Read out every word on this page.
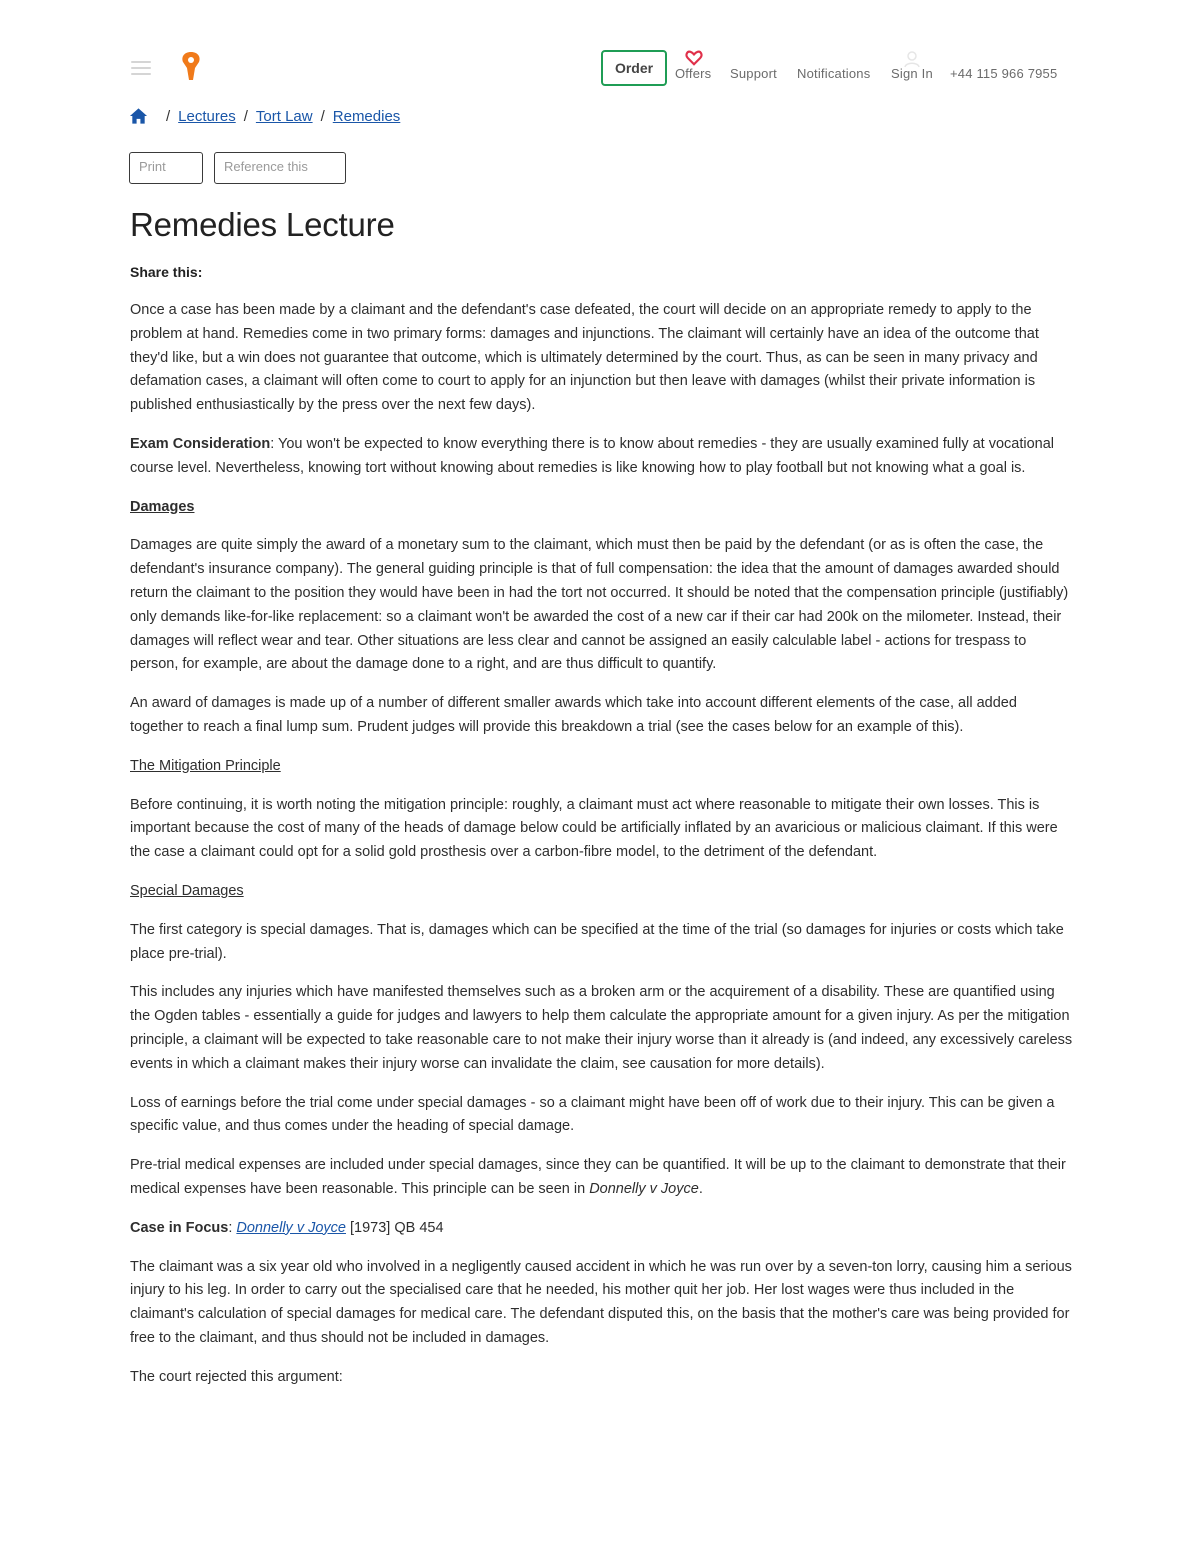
Order	Offers Support Notifications Sign In +44 115 966 7955
/ Lectures / Tort Law / Remedies
Print	Reference this
Remedies Lecture
Share this:

Once a case has been made by a claimant and the defendant's case defeated, the court will decide on an appropriate remedy to apply to the problem at hand. Remedies come in two primary forms: damages and injunctions. The claimant will certainly have an idea of the outcome that they'd like, but a win does not guarantee that outcome, which is ultimately determined by the court. Thus, as can be seen in many privacy and defamation cases, a claimant will often come to court to apply for an injunction but then leave with damages (whilst their private information is published enthusiastically by the press over the next few days).

Exam Consideration: You won't be expected to know everything there is to know about remedies - they are usually examined fully at vocational course level. Nevertheless, knowing tort without knowing about remedies is like knowing how to play football but not knowing what a goal is.

Damages

Damages are quite simply the award of a monetary sum to the claimant, which must then be paid by the defendant (or as is often the case, the defendant's insurance company). The general guiding principle is that of full compensation: the idea that the amount of damages awarded should return the claimant to the position they would have been in had the tort not occurred. It should be noted that the compensation principle (justifiably) only demands like-for-like replacement: so a claimant won't be awarded the cost of a new car if their car had 200k on the milometer. Instead, their damages will reflect wear and tear. Other situations are less clear and cannot be assigned an easily calculable label - actions for trespass to person, for example, are about the damage done to a right, and are thus difficult to quantify.

An award of damages is made up of a number of different smaller awards which take into account different elements of the case, all added together to reach a final lump sum. Prudent judges will provide this breakdown a trial (see the cases below for an example of this).

The Mitigation Principle

Before continuing, it is worth noting the mitigation principle: roughly, a claimant must act where reasonable to mitigate their own losses. This is important because the cost of many of the heads of damage below could be artificially inflated by an avaricious or malicious claimant. If this were the case a claimant could opt for a solid gold prosthesis over a carbon-fibre model, to the detriment of the defendant.

Special Damages

The first category is special damages. That is, damages which can be specified at the time of the trial (so damages for injuries or costs which take place pre-trial).

This includes any injuries which have manifested themselves such as a broken arm or the acquirement of a disability. These are quantified using the Ogden tables - essentially a guide for judges and lawyers to help them calculate the appropriate amount for a given injury. As per the mitigation principle, a claimant will be expected to take reasonable care to not make their injury worse than it already is (and indeed, any excessively careless events in which a claimant makes their injury worse can invalidate the claim, see causation for more details).

Loss of earnings before the trial come under special damages - so a claimant might have been off of work due to their injury. This can be given a specific value, and thus comes under the heading of special damage.

Pre-trial medical expenses are included under special damages, since they can be quantified. It will be up to the claimant to demonstrate that their medical expenses have been reasonable. This principle can be seen in Donnelly v Joyce.

Case in Focus: Donnelly v Joyce [1973] QB 454

The claimant was a six year old who involved in a negligently caused accident in which he was run over by a seven-ton lorry, causing him a serious injury to his leg. In order to carry out the specialised care that he needed, his mother quit her job. Her lost wages were thus included in the claimant's calculation of special damages for medical care. The defendant disputed this, on the basis that the mother's care was being provided for free to the claimant, and thus should not be included in damages.

The court rejected this argument:
